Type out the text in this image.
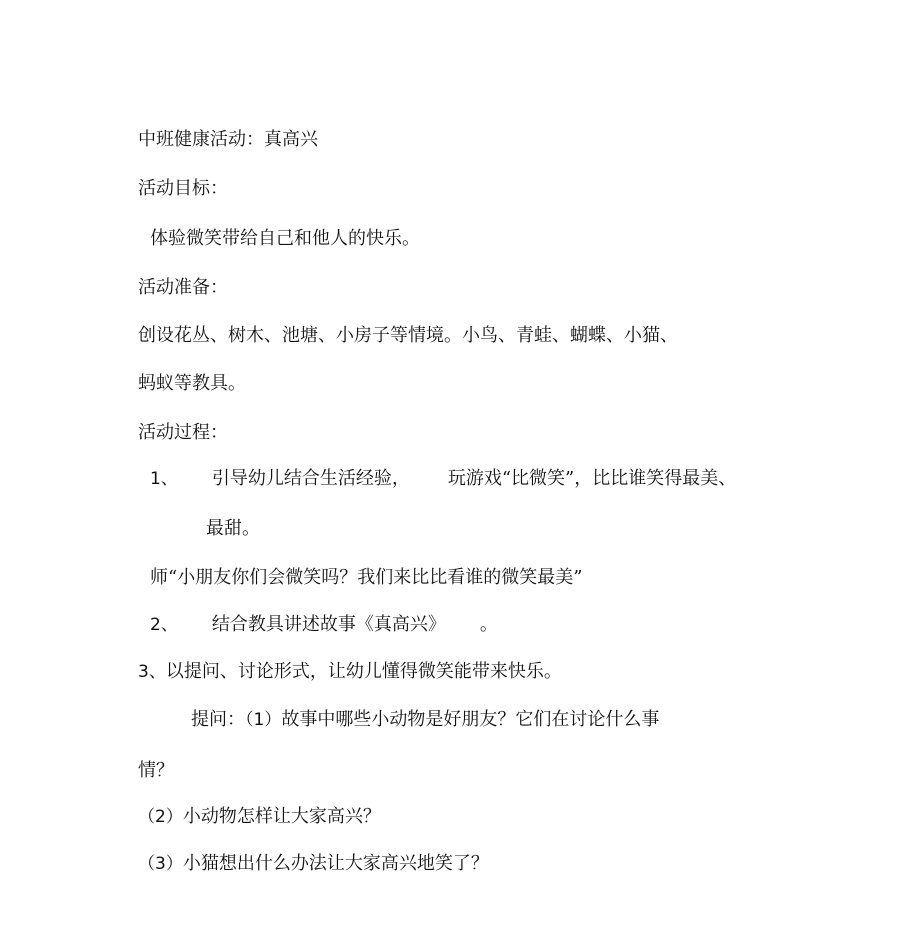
中班健康活动：真高兴
活动目标：
体验微笑带给自己和他人的快乐。
活动准备：
创设花丛、树木、池塘、小房子等情境。小鸟、青蛙、蝴蝶、小猫、
蚂蚁等教具。
活动过程：
1、 引导幼儿结合生活经验， 玩游戏“比微笑”，比比谁笑得最美、
最甜。
师“小朋友你们会微笑吗？我们来比比看谁的微笑最美”
2、 结合教具讲述故事《真高兴》 。
3、以提问、讨论形式，让幼儿懂得微笑能带来快乐。
提问：（1）故事中哪些小动物是好朋友？它们在讨论什么事
情？
（2）小动物怎样让大家高兴？
（3）小猫想出什么办法让大家高兴地笑了？
